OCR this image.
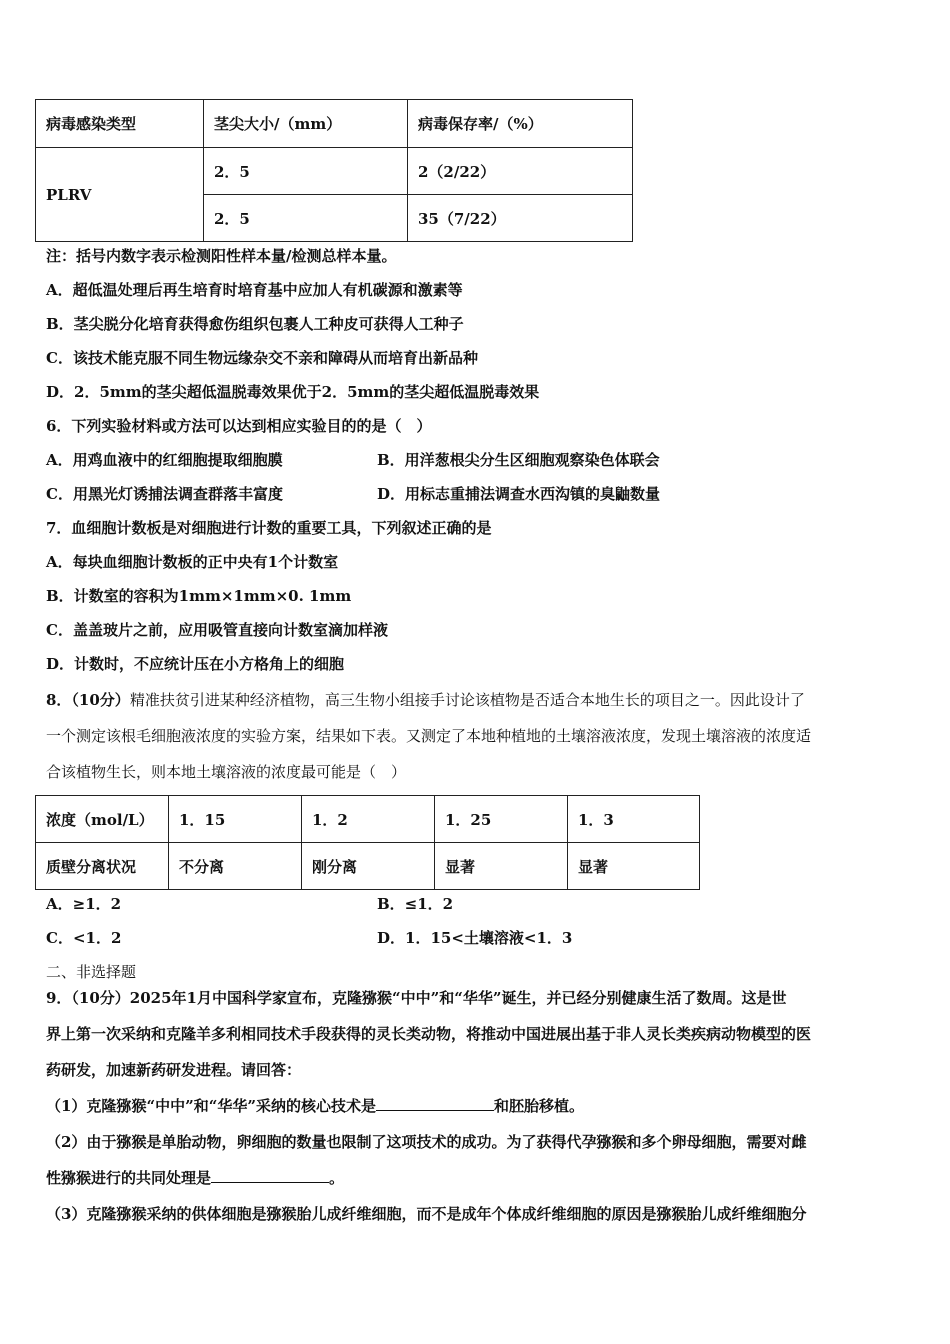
病毒感染类型	茎尖大小/（mm）	病毒保存率/（%）
PLRV	2．5	2（2/22）
	2．5	35（7/22）
注：括号内数字表示检测阳性样本量/检测总样本量。
A．超低温处理后再生培育时培育基中应加人有机碳源和激素等
B．茎尖脱分化培育获得愈伤组织包裹人工种皮可获得人工种子
C．该技术能克服不同生物远缘杂交不亲和障碍从而培育出新品种
D．2．5mm的茎尖超低温脱毒效果优于2．5mm的茎尖超低温脱毒效果
6．下列实验材料或方法可以达到相应实验目的的是（　）
A．用鸡血液中的红细胞提取细胞膜	B．用洋葱根尖分生区细胞观察染色体联会
C．用黑光灯诱捕法调查群落丰富度	D．用标志重捕法调查水西沟镇的臭鼬数量
7．血细胞计数板是对细胞进行计数的重要工具，下列叙述正确的是
A．每块血细胞计数板的正中央有1个计数室
B．计数室的容积为1mm×1mm×0. 1mm
C．盖盖玻片之前，应用吸管直接向计数室滴加样液
D．计数时，不应统计压在小方格角上的细胞
8．（10分）精准扶贫引进某种经济植物，高三生物小组接手讨论该植物是否适合本地生长的项目之一。因此设计了
一个测定该根毛细胞液浓度的实验方案，结果如下表。又测定了本地种植地的土壤溶液浓度，发现土壤溶液的浓度适
合该植物生长，则本地土壤溶液的浓度最可能是（　）
浓度（mol/L）	1．15	1．2	1．25	1．3
质壁分离状况	不分离	刚分离	显著	显著
A．≥1．2	B．≤1．2
C．<1．2	D．1．15<土壤溶液<1．3
二、非选择题
9．（10分）2025年1月中国科学家宣布，克隆猕猴“中中”和“华华”诞生，并已经分别健康生活了数周。这是世
界上第一次采纳和克隆羊多利相同技术手段获得的灵长类动物，将推动中国进展出基于非人灵长类疾病动物模型的医
药研发，加速新药研发进程。请回答：
（1）克隆猕猴“中中”和“华华”采纳的核心技术是	和胚胎移植。
（2）由于猕猴是单胎动物，卵细胞的数量也限制了这项技术的成功。为了获得代孕猕猴和多个卵母细胞，需要对雌
性猕猴进行的共同处理是	。
（3）克隆猕猴采纳的供体细胞是猕猴胎儿成纤维细胞，而不是成年个体成纤维细胞的原因是猕猴胎儿成纤维细胞分
